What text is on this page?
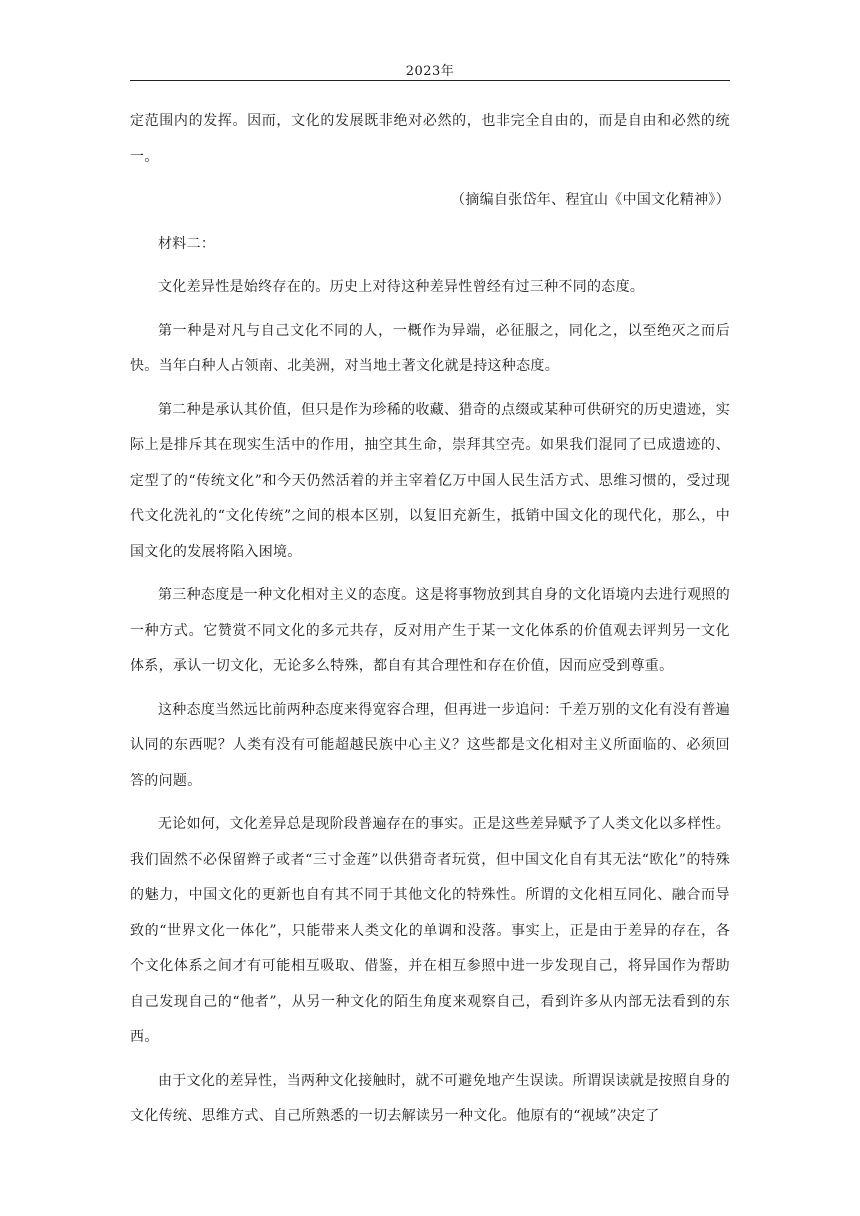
2023年

定范围内的发挥。因而，文化的发展既非绝对必然的，也非完全自由的，而是自由和必然的统一。

（摘编自张岱年、程宜山《中国文化精神》）

材料二：

文化差异性是始终存在的。历史上对待这种差异性曾经有过三种不同的态度。

第一种是对凡与自己文化不同的人，一概作为异端，必征服之，同化之，以至绝灭之而后快。当年白种人占领南、北美洲，对当地土著文化就是持这种态度。

第二种是承认其价值，但只是作为珍稀的收藏、猎奇的点缀或某种可供研究的历史遗迹，实际上是排斥其在现实生活中的作用，抽空其生命，崇拜其空壳。如果我们混同了已成遗迹的、定型了的“传统文化”和今天仍然活着的并主宰着亿万中国人民生活方式、思维习惯的，受过现代文化洗礼的“文化传统”之间的根本区别，以复旧充新生，抵销中国文化的现代化，那么，中国文化的发展将陷入困境。

第三种态度是一种文化相对主义的态度。这是将事物放到其自身的文化语境内去进行观照的一种方式。它赞赏不同文化的多元共存，反对用产生于某一文化体系的价值观去评判另一文化体系，承认一切文化，无论多么特殊，都自有其合理性和存在价值，因而应受到尊重。

这种态度当然远比前两种态度来得宽容合理，但再进一步追问：千差万别的文化有没有普遍认同的东西呢？人类有没有可能超越民族中心主义？这些都是文化相对主义所面临的、必须回答的问题。

无论如何，文化差异总是现阶段普遍存在的事实。正是这些差异赋予了人类文化以多样性。我们固然不必保留辫子或者“三寸金莲”以供猎奇者玩赏，但中国文化自有其无法“欧化”的特殊的魅力，中国文化的更新也自有其不同于其他文化的特殊性。所谓的文化相互同化、融合而导致的“世界文化一体化”，只能带来人类文化的单调和没落。事实上，正是由于差异的存在，各个文化体系之间才有可能相互吸取、借鉴，并在相互参照中进一步发现自己，将异国作为帮助自己发现自己的“他者”，从另一种文化的陌生角度来观察自己，看到许多从内部无法看到的东西。

由于文化的差异性，当两种文化接触时，就不可避免地产生误读。所谓误读就是按照自身的文化传统、思维方式、自己所熟悉的一切去解读另一种文化。他原有的“视域”决定了
